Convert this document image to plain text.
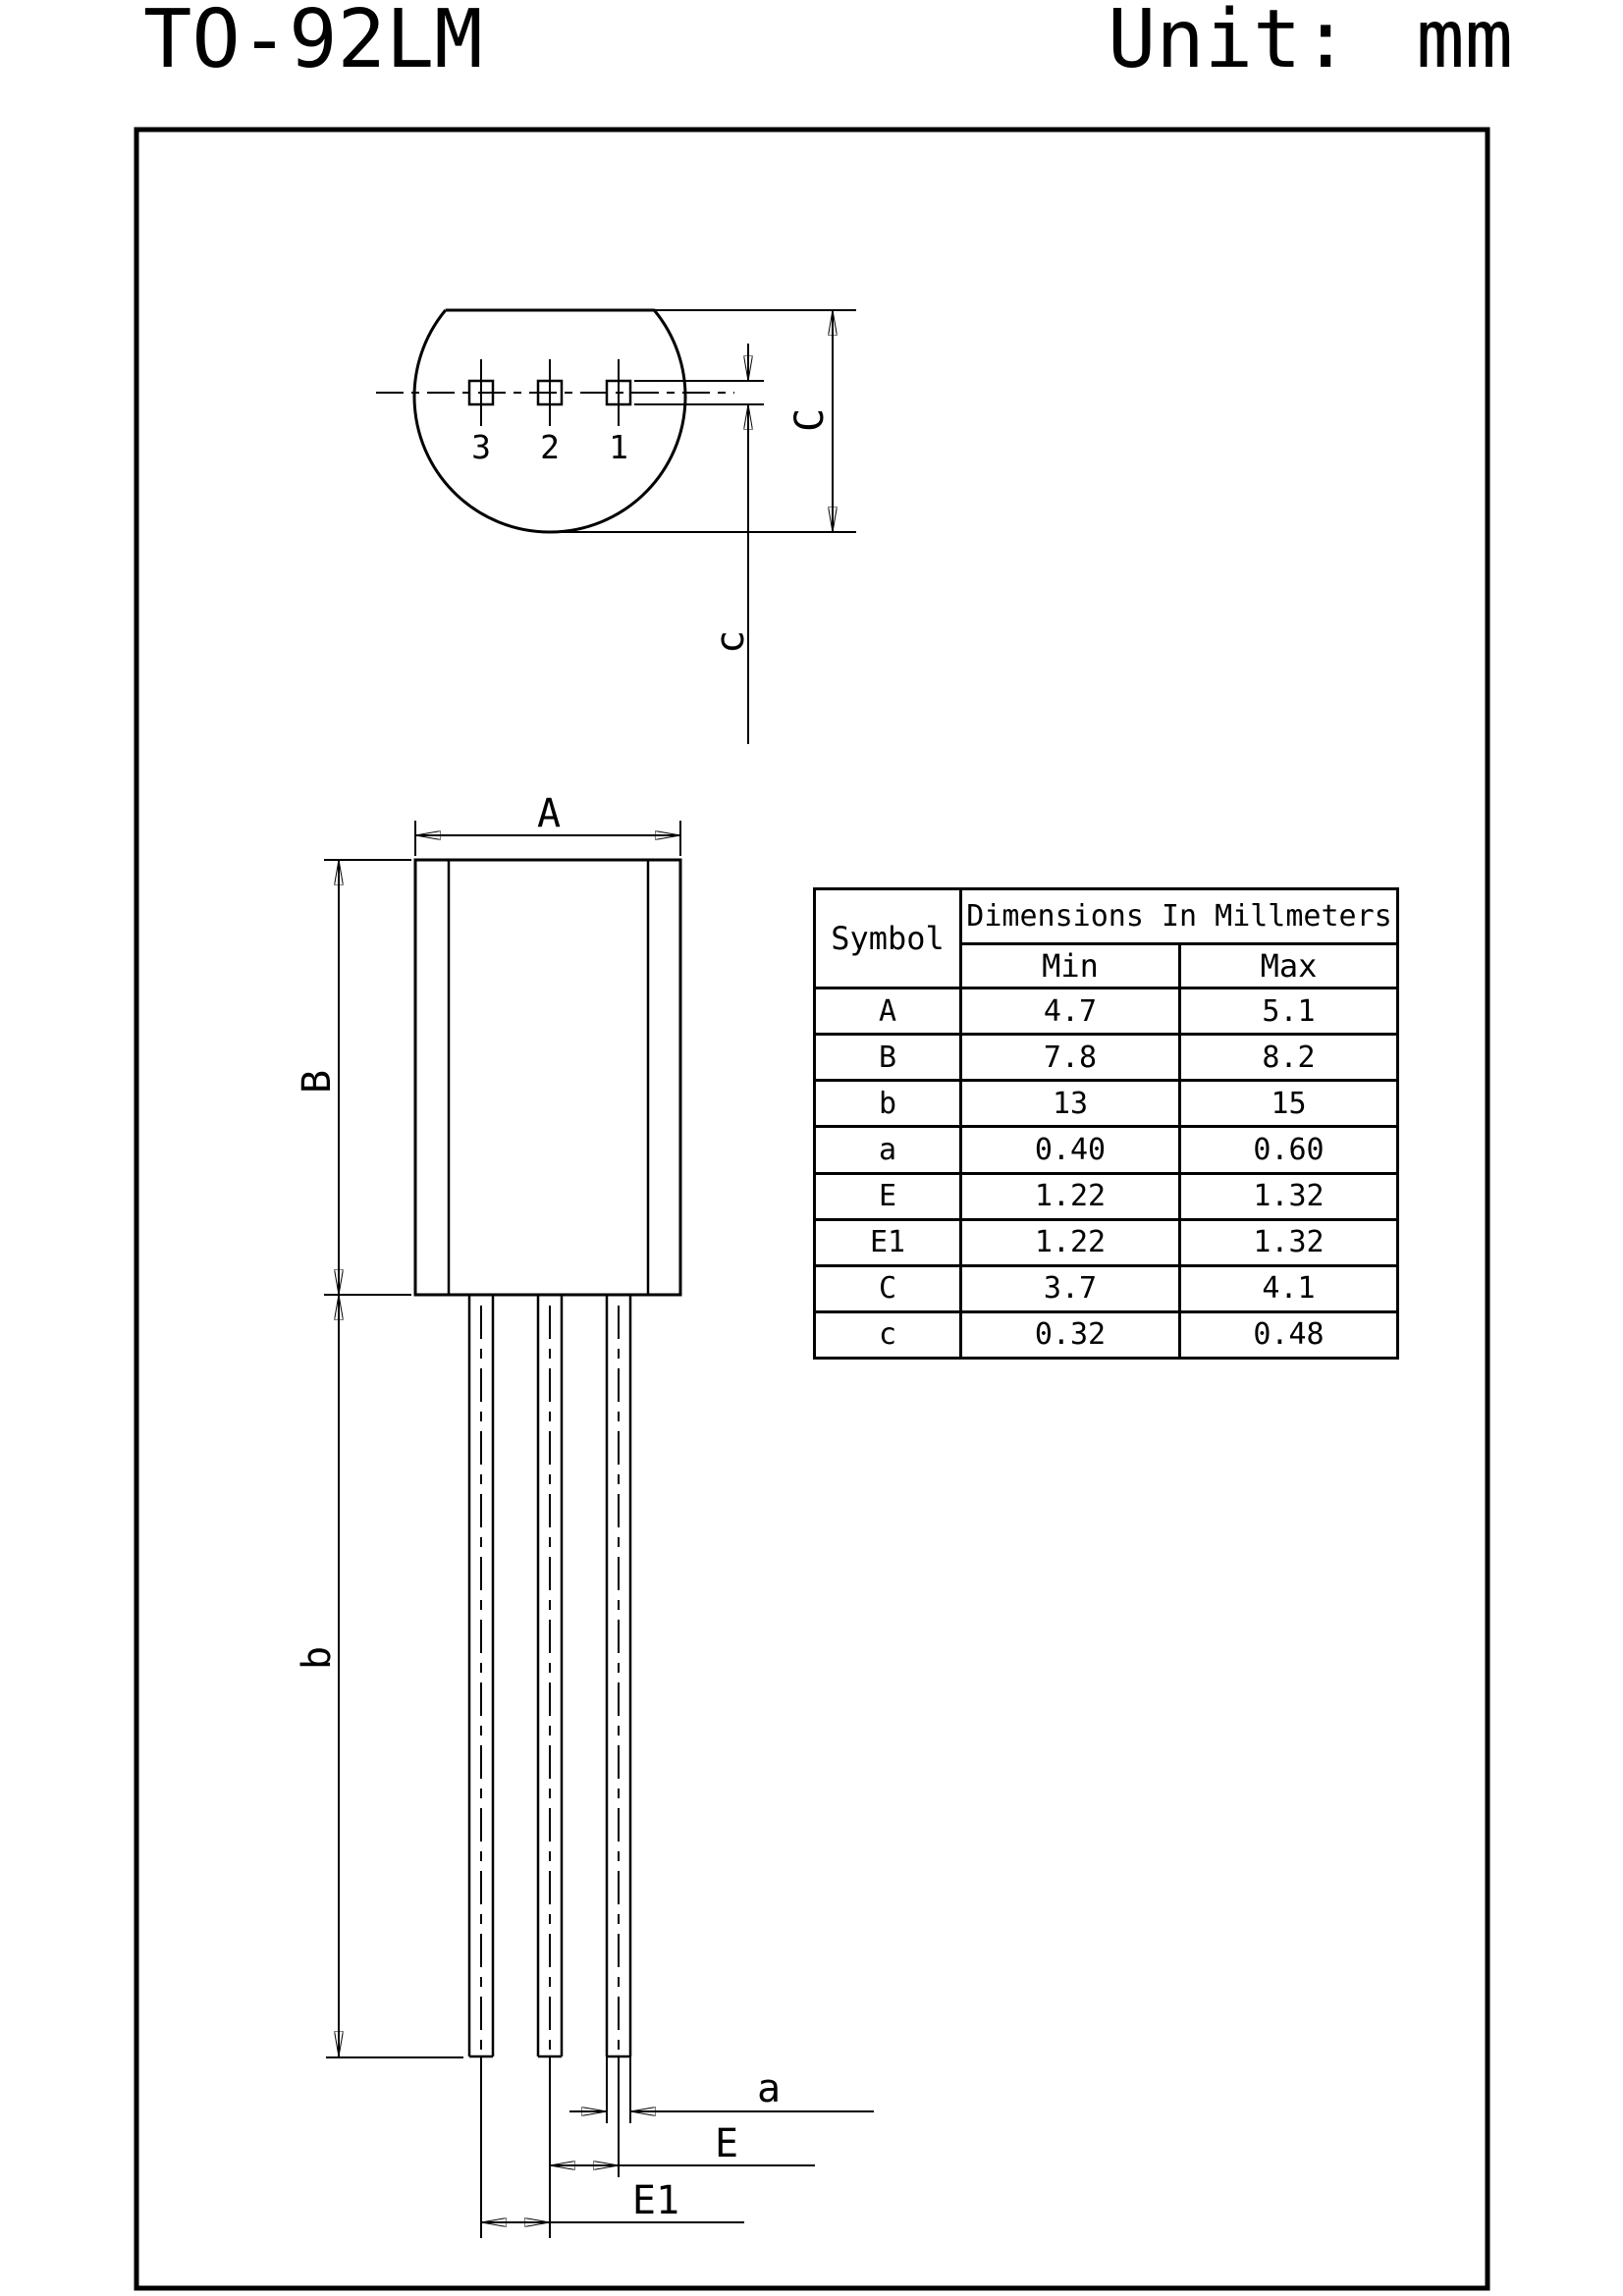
TO-92LM	Unit: mm
3 2 1
c
C
A
B
b
a
E
E1
Symbol	Dimensions In Millmeters	
	Min	Max
A	4.7	5.1
B	7.8	8.2
b	13	15
a	0.40	0.60
E	1.22	1.32
E1	1.22	1.32
C	3.7	4.1
c	0.32	0.48
